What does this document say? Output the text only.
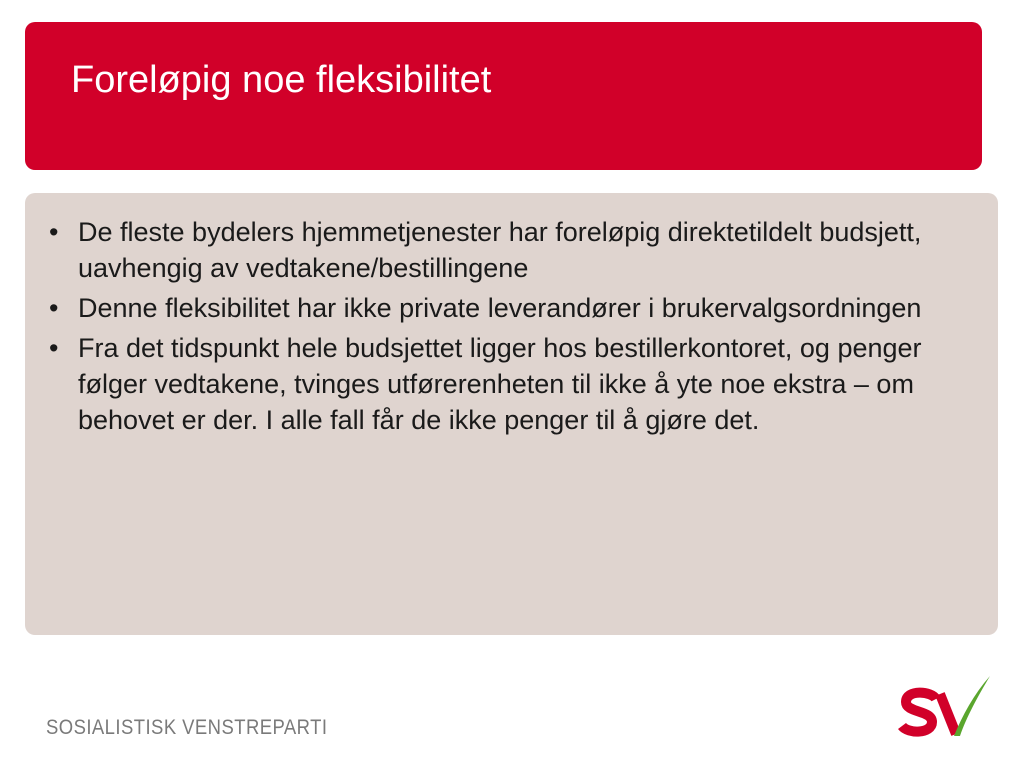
Foreløpig noe fleksibilitet
• De fleste bydelers hjemmetjenester har foreløpig direktetildelt budsjett, uavhengig av vedtakene/bestillingene
• Denne fleksibilitet har ikke private leverandører i brukervalgsordningen
• Fra det tidspunkt hele budsjettet ligger hos bestillerkontoret, og penger følger vedtakene, tvinges utførerenheten til ikke å yte noe ekstra – om behovet er der. I alle fall får de ikke penger til å gjøre det.
SOSIALISTISK VENSTREPARTI
